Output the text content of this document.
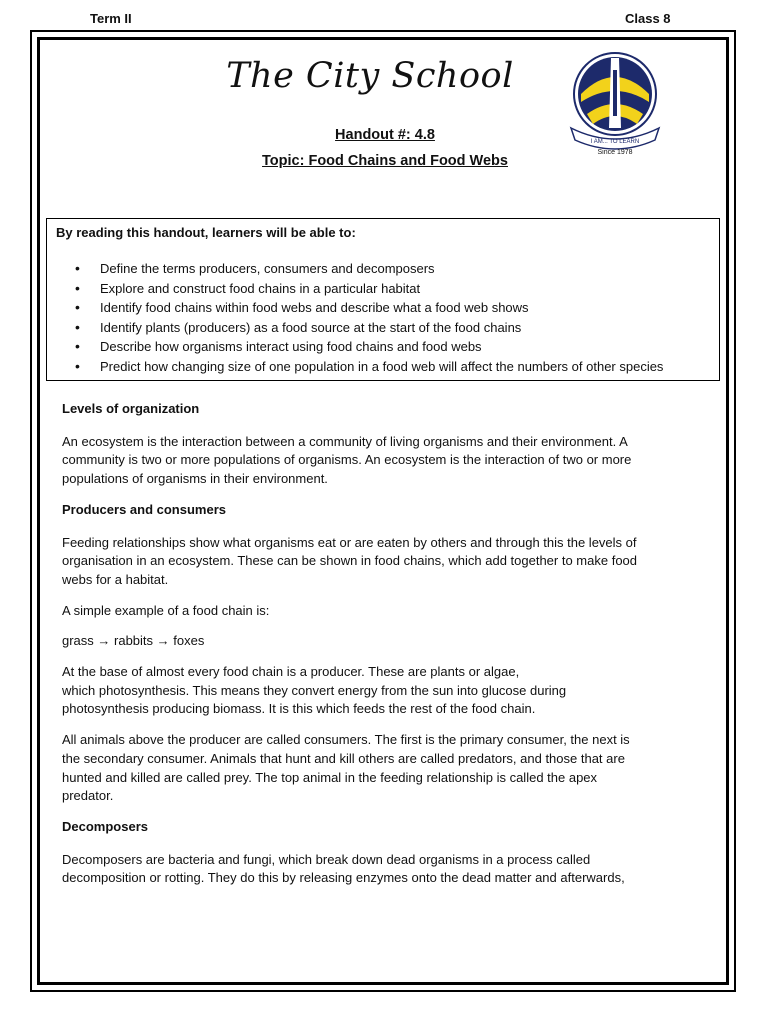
Term II	Class 8
The City School
Handout #: 4.8
Topic: Food Chains and Food Webs
I AM... TO LEARN
Since 1978
By reading this handout, learners will be able to:
• Define the terms producers, consumers and decomposers
• Explore and construct food chains in a particular habitat
• Identify food chains within food webs and describe what a food web shows
• Identify plants (producers) as a food source at the start of the food chains
• Describe how organisms interact using food chains and food webs
• Predict how changing size of one population in a food web will affect the numbers of other species
Levels of organization

An ecosystem is the interaction between a community of living organisms and their environment. A
community is two or more populations of organisms. An ecosystem is the interaction of two or more
populations of organisms in their environment.

Producers and consumers

Feeding relationships show what organisms eat or are eaten by others and through this the levels of
organisation in an ecosystem. These can be shown in food chains, which add together to make food
webs for a habitat.

A simple example of a food chain is:

grass → rabbits → foxes

At the base of almost every food chain is a producer. These are plants or algae,
which photosynthesis. This means they convert energy from the sun into glucose during
photosynthesis producing biomass. It is this which feeds the rest of the food chain.

All animals above the producer are called consumers. The first is the primary consumer, the next is
the secondary consumer. Animals that hunt and kill others are called predators, and those that are
hunted and killed are called prey. The top animal in the feeding relationship is called the apex
predator.

Decomposers

Decomposers are bacteria and fungi, which break down dead organisms in a process called
decomposition or rotting. They do this by releasing enzymes onto the dead matter and afterwards,
